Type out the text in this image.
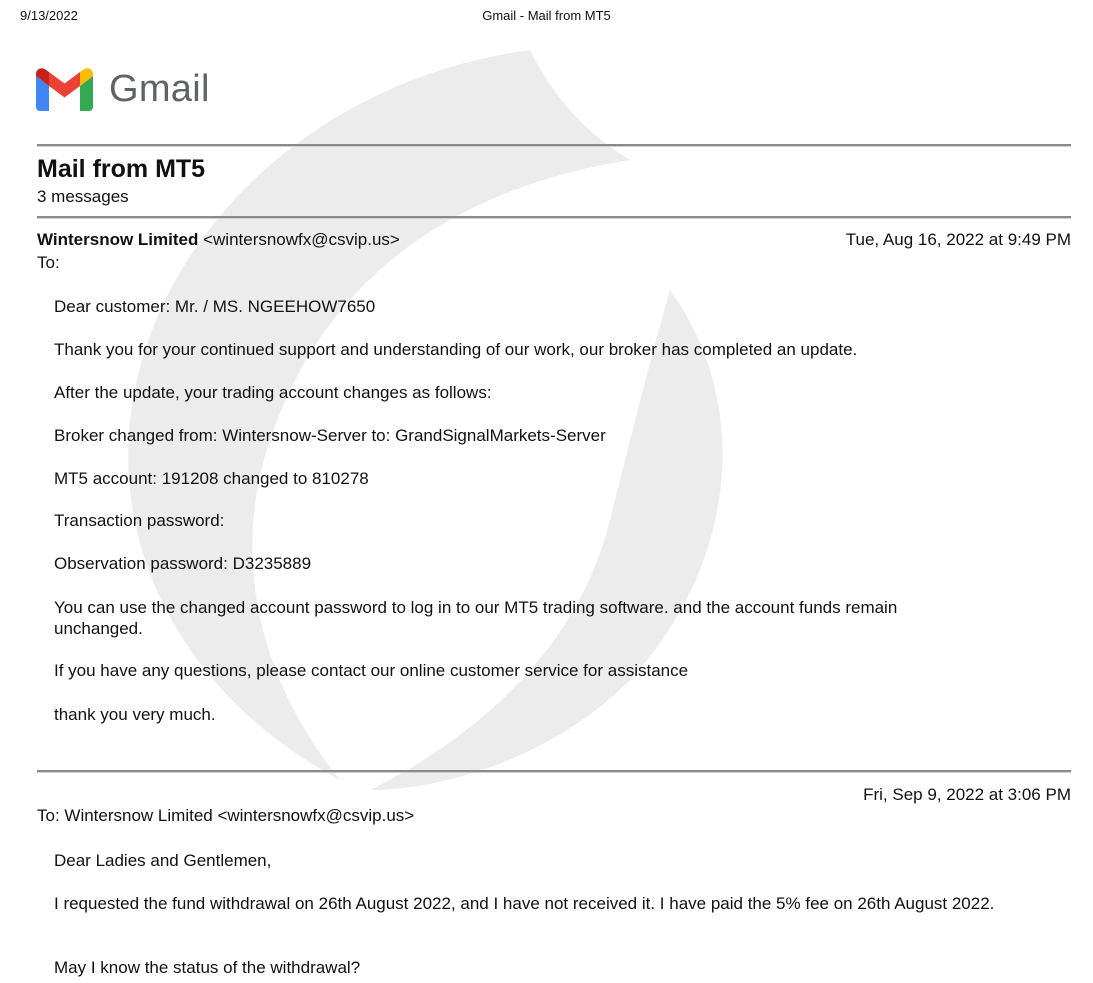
9/13/2022	Gmail - Mail from MT5
Gmail
Mail from MT5
3 messages
Wintersnow Limited <wintersnowfx@csvip.us>	Tue, Aug 16, 2022 at 9:49 PM
To:
Dear customer: Mr. / MS. NGEEHOW7650
Thank you for your continued support and understanding of our work, our broker has completed an update.
After the update, your trading account changes as follows:
Broker changed from: Wintersnow-Server to: GrandSignalMarkets-Server
MT5 account: 191208 changed to 810278
Transaction password:
Observation password: D3235889
You can use the changed account password to log in to our MT5 trading software. and the account funds remain unchanged.
If you have any questions, please contact our online customer service for assistance
thank you very much.
Fri, Sep 9, 2022 at 3:06 PM
To: Wintersnow Limited <wintersnowfx@csvip.us>
Dear Ladies and Gentlemen,
I requested the fund withdrawal on 26th August 2022, and I have not received it. I have paid the 5% fee on 26th August 2022.
May I know the status of the withdrawal?
